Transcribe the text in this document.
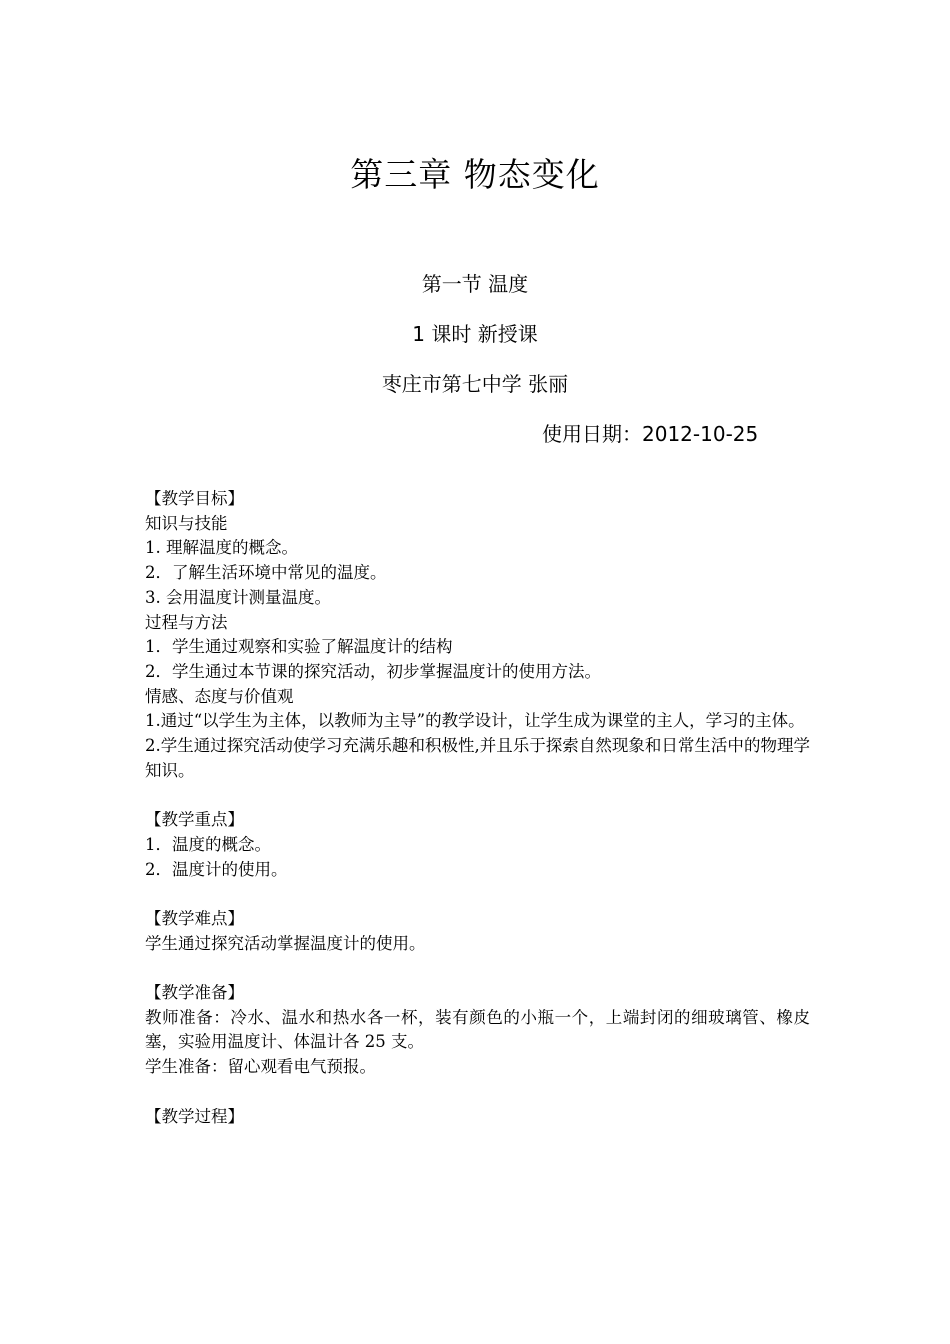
第三章 物态变化
第一节 温度
1 课时 新授课
枣庄市第七中学 张丽
使用日期：2012-10-25
【教学目标】
知识与技能
1. 理解温度的概念。
2．了解生活环境中常见的温度。
3. 会用温度计测量温度。
过程与方法
1．学生通过观察和实验了解温度计的结构
2．学生通过本节课的探究活动，初步掌握温度计的使用方法。
情感、态度与价值观
1.通过“以学生为主体，以教师为主导”的教学设计，让学生成为课堂的主人，学习的主体。
2.学生通过探究活动使学习充满乐趣和积极性,并且乐于探索自然现象和日常生活中的物理学知识。
【教学重点】
1．温度的概念。
2．温度计的使用。
【教学难点】
学生通过探究活动掌握温度计的使用。
【教学准备】
教师准备：冷水、温水和热水各一杯，装有颜色的小瓶一个，上端封闭的细玻璃管、橡皮塞，实验用温度计、体温计各 25 支。
学生准备：留心观看电气预报。
【教学过程】
